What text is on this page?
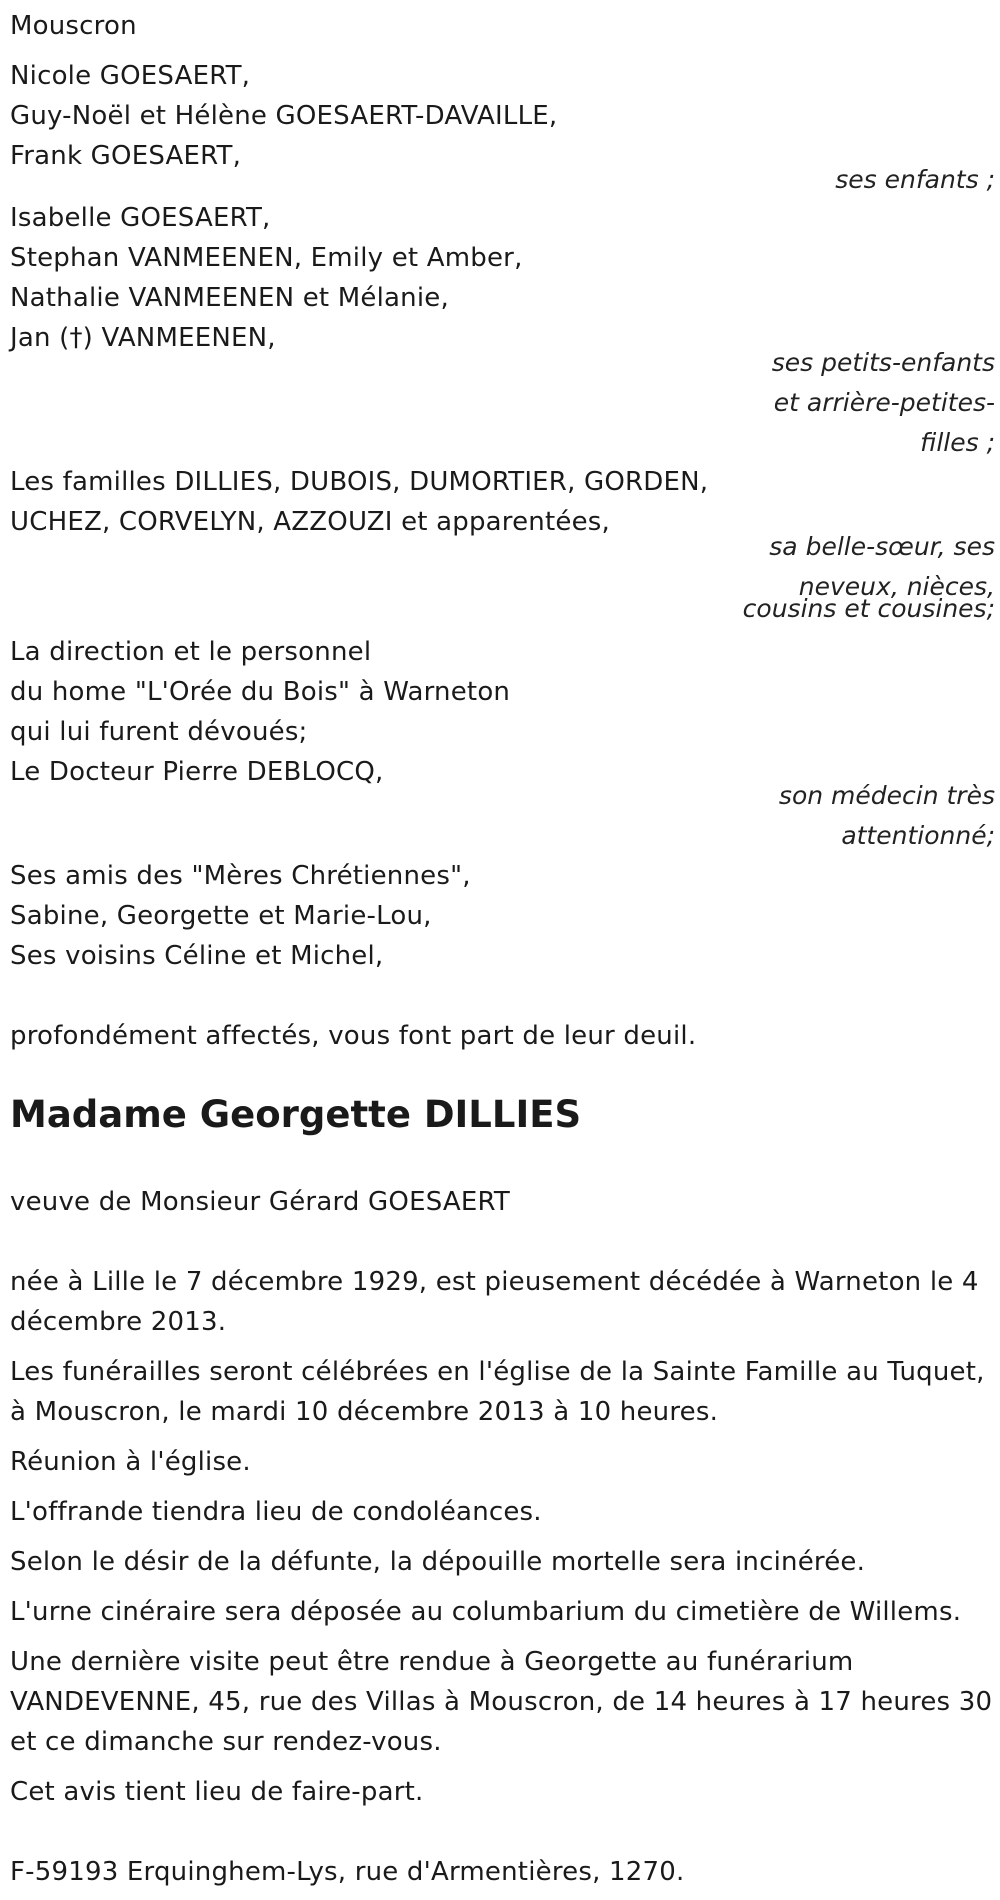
Mouscron
Nicole GOESAERT,
Guy-Noël et Hélène GOESAERT-DAVAILLE,
Frank GOESAERT,
ses enfants ;
Isabelle GOESAERT,
Stephan VANMEENEN, Emily et Amber,
Nathalie VANMEENEN et Mélanie,
Jan (†) VANMEENEN,
ses petits-enfants
et arrière-petites-
filles ;
Les familles DILLIES, DUBOIS, DUMORTIER, GORDEN,
UCHEZ, CORVELYN, AZZOUZI et apparentées,
sa belle-sœur, ses
neveux, nièces,
cousins et cousines;
La direction et le personnel
du home "L'Orée du Bois" à Warneton
qui lui furent dévoués;
Le Docteur Pierre DEBLOCQ,
son médecin très
attentionné;
Ses amis des "Mères Chrétiennes",
Sabine, Georgette et Marie-Lou,
Ses voisins Céline et Michel,
profondément affectés, vous font part de leur deuil.
Madame Georgette DILLIES
veuve de Monsieur Gérard GOESAERT
née à Lille le 7 décembre 1929, est pieusement décédée à Warneton le 4
décembre 2013.
Les funérailles seront célébrées en l'église de la Sainte Famille au Tuquet,
à Mouscron, le mardi 10 décembre 2013 à 10 heures.
Réunion à l'église.
L'offrande tiendra lieu de condoléances.
Selon le désir de la défunte, la dépouille mortelle sera incinérée.
L'urne cinéraire sera déposée au columbarium du cimetière de Willems.
Une dernière visite peut être rendue à Georgette au funérarium
VANDEVENNE, 45, rue des Villas à Mouscron, de 14 heures à 17 heures 30
et ce dimanche sur rendez-vous.
Cet avis tient lieu de faire-part.
F-59193 Erquinghem-Lys, rue d'Armentières, 1270.
